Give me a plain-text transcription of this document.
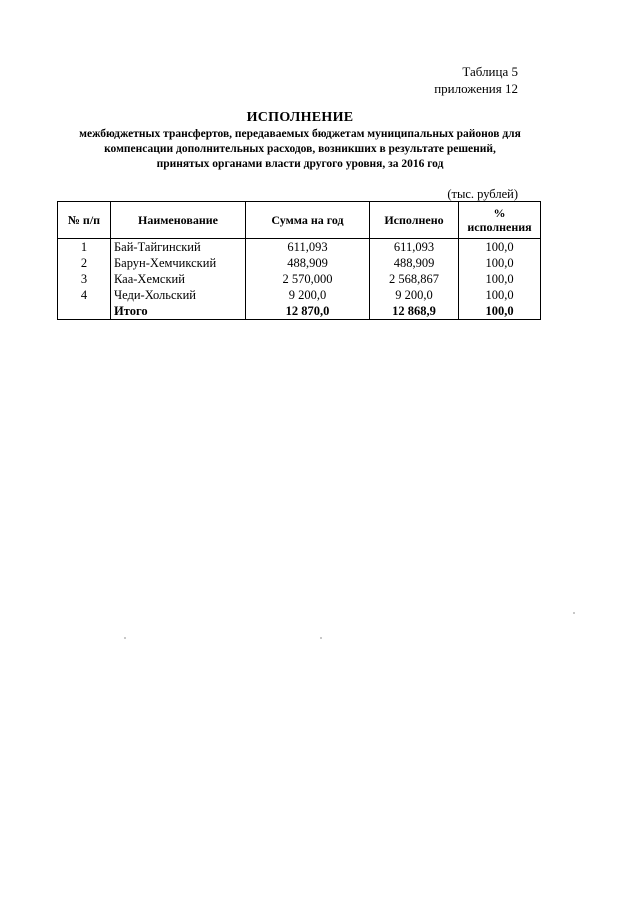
Таблица 5
приложения 12
ИСПОЛНЕНИЕ
межбюджетных трансфертов, передаваемых бюджетам муниципальных районов для
компенсации дополнительных расходов, возникших в результате решений,
принятых органами власти другого уровня, за 2016 год
(тыс. рублей)
№ п/п	Наименование	Сумма на год	Исполнено	%
исполнения

1	Бай-Тайгинский	611,093	611,093	100,0
2	Барун-Хемчикский	488,909	488,909	100,0
3	Каа-Хемский	2 570,000	2 568,867	100,0
4	Чеди-Хольский	9 200,0	9 200,0	100,0
	Итого	12 870,0	12 868,9	100,0
